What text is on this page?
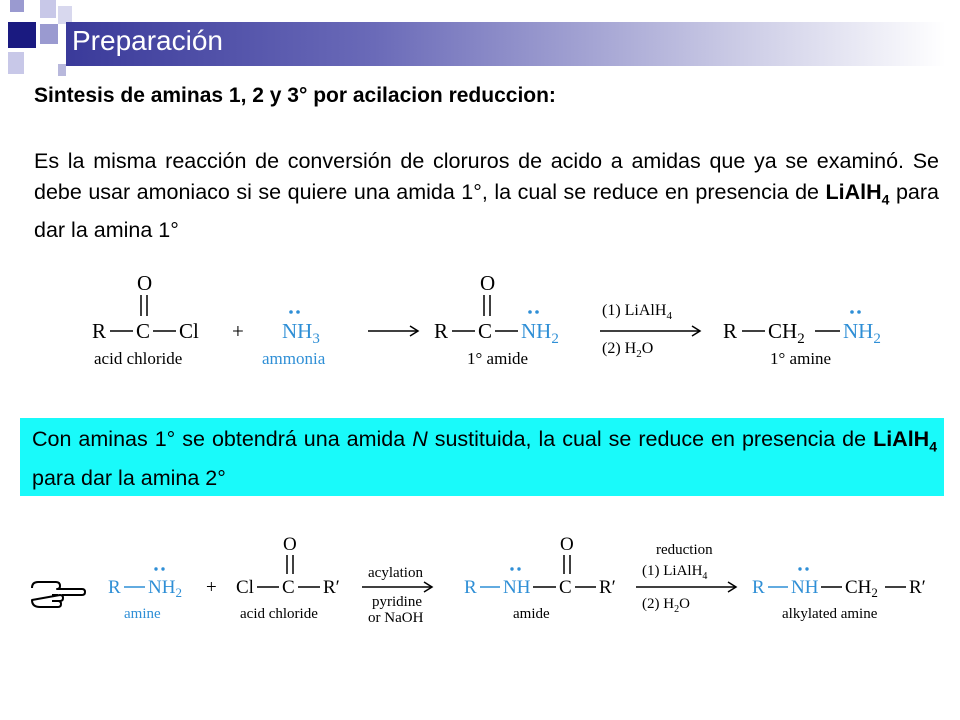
Preparación
Sintesis de aminas 1, 2 y 3° por acilacion reduccion:
Es la misma reacción de conversión de cloruros de acido a amidas que ya se examinó. Se debe usar amoniaco si se quiere una amida 1°, la cual se reduce en presencia de LiAlH$_4$ para dar la amina 1°
R C Cl
O
+ $NH_3$	R C
O
$NH_2$
(1) LiAlH$_4$
(2) $H_2O$
R $CH_2$ $NH_2$
acid chloride	ammonia	1° amide	1° amine
Con aminas 1° se obtendrá una amida N sustituida, la cual se reduce en presencia de LiAlH$_4$ para dar la amina 2°
R $NH_2 + Cl$ C R′
O
R NH C R′
O
R NH $CH_2$ R′
acylation
pyridine
or NaOH
reduction
(1) LiAlH$_4$
(2) $H_2O$
amine	acid chloride	amide	alkylated amine
